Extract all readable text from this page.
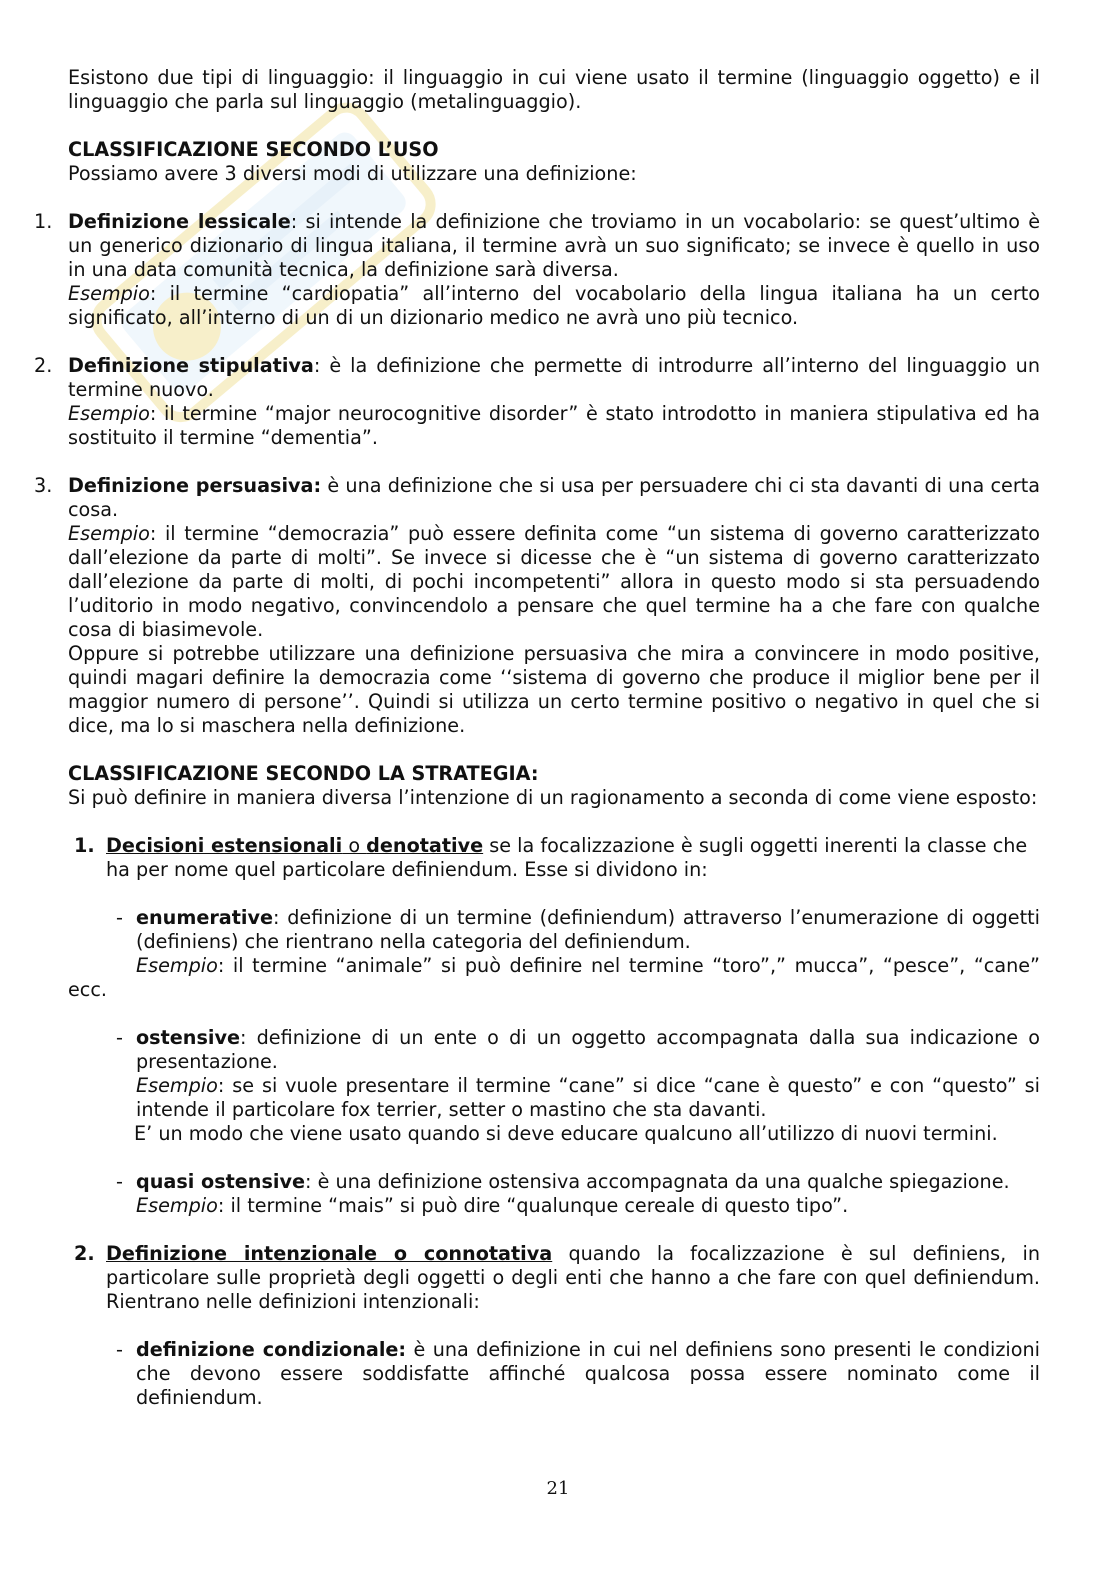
Esistono due tipi di linguaggio: il linguaggio in cui viene usato il termine (linguaggio oggetto) e il linguaggio che parla sul linguaggio (metalinguaggio).

CLASSIFICAZIONE SECONDO L’USO

Possiamo avere 3 diversi modi di utilizzare una definizione:

1. Definizione lessicale: si intende la definizione che troviamo in un vocabolario: se quest’ultimo è un generico dizionario di lingua italiana, il termine avrà un suo significato; se invece è quello in uso in una data comunità tecnica, la definizione sarà diversa.

Esempio: il termine “cardiopatia” all’interno del vocabolario della lingua italiana ha un certo significato, all’interno di un di un dizionario medico ne avrà uno più tecnico.

2. Definizione stipulativa: è la definizione che permette di introdurre all’interno del linguaggio un termine nuovo.

Esempio: il termine “major neurocognitive disorder” è stato introdotto in maniera stipulativa ed ha sostituito il termine “dementia”.

3. Definizione persuasiva: è una definizione che si usa per persuadere chi ci sta davanti di una certa cosa.

Esempio: il termine “democrazia” può essere definita come “un sistema di governo caratterizzato dall’elezione da parte di molti”. Se invece si dicesse che è “un sistema di governo caratterizzato dall’elezione da parte di molti, di pochi incompetenti” allora in questo modo si sta persuadendo l’uditorio in modo negativo, convincendolo a pensare che quel termine ha a che fare con qualche cosa di biasimevole.

Oppure si potrebbe utilizzare una definizione persuasiva che mira a convincere in modo positive, quindi magari definire la democrazia come ‘‘sistema di governo che produce il miglior bene per il maggior numero di persone’’. Quindi si utilizza un certo termine positivo o negativo in quel che si dice, ma lo si maschera nella definizione.

CLASSIFICAZIONE SECONDO LA STRATEGIA:

Si può definire in maniera diversa l’intenzione di un ragionamento a seconda di come viene esposto:

1. Decisioni estensionali o denotative se la focalizzazione è sugli oggetti inerenti la classe che ha per nome quel particolare definiendum. Esse si dividono in:

- enumerative: definizione di un termine (definiendum) attraverso l’enumerazione di oggetti (definiens) che rientrano nella categoria del definiendum.

Esempio: il termine “animale” si può definire nel termine “toro”,” mucca”, “pesce”, “cane” ecc.

- ostensive: definizione di un ente o di un oggetto accompagnata dalla sua indicazione o presentazione.

Esempio: se si vuole presentare il termine “cane” si dice “cane è questo” e con “questo” si intende il particolare fox terrier, setter o mastino che sta davanti.

E’ un modo che viene usato quando si deve educare qualcuno all’utilizzo di nuovi termini.

- quasi ostensive: è una definizione ostensiva accompagnata da una qualche spiegazione.

Esempio: il termine “mais” si può dire “qualunque cereale di questo tipo”.

2. Definizione intenzionale o connotativa quando la focalizzazione è sul definiens, in particolare sulle proprietà degli oggetti o degli enti che hanno a che fare con quel definiendum. Rientrano nelle definizioni intenzionali:

- definizione condizionale: è una definizione in cui nel definiens sono presenti le condizioni che devono essere soddisfatte affinché qualcosa possa essere nominato come il definiendum.

21
